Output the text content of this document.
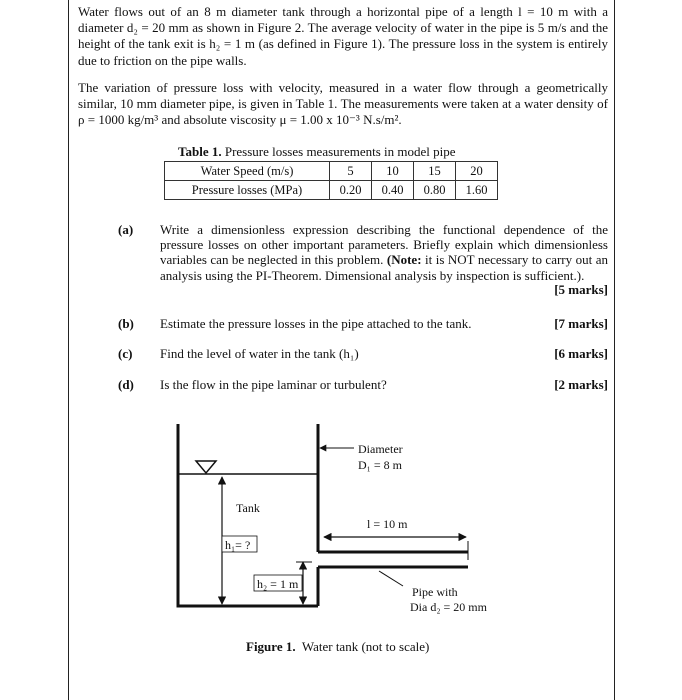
Water flows out of an 8 m diameter tank through a horizontal pipe of a length l = 10 m with a diameter d₂ = 20 mm as shown in Figure 2. The average velocity of water in the pipe is 5 m/s and the height of the tank exit is h₂ = 1 m (as defined in Figure 1). The pressure loss in the system is entirely due to friction on the pipe walls.
The variation of pressure loss with velocity, measured in a water flow through a geometrically similar, 10 mm diameter pipe, is given in Table 1. The measurements were taken at a water density of ρ = 1000 kg/m³ and absolute viscosity μ = 1.00 x 10⁻³ N.s/m².
Table 1. Pressure losses measurements in model pipe
Water Speed (m/s)	5	10	15	20
Pressure losses (MPa)	0.20	0.40	0.80	1.60
(a) Write a dimensionless expression describing the functional dependence of the pressure losses on other important parameters. Briefly explain which dimensionless variables can be neglected in this problem. (Note: it is NOT necessary to carry out an analysis using the PI-Theorem. Dimensional analysis by inspection is sufficient.).
[5 marks]
(b) Estimate the pressure losses in the pipe attached to the tank.	[7 marks]
(c) Find the level of water in the tank (h₁)	[6 marks]
(d) Is the flow in the pipe laminar or turbulent?	[2 marks]
Diameter
D₁ = 8 m
Tank
l = 10 m
h₁= ?
h₂ = 1 m
Pipe with
Dia d₂ = 20 mm
Figure 1.  Water tank (not to scale)
